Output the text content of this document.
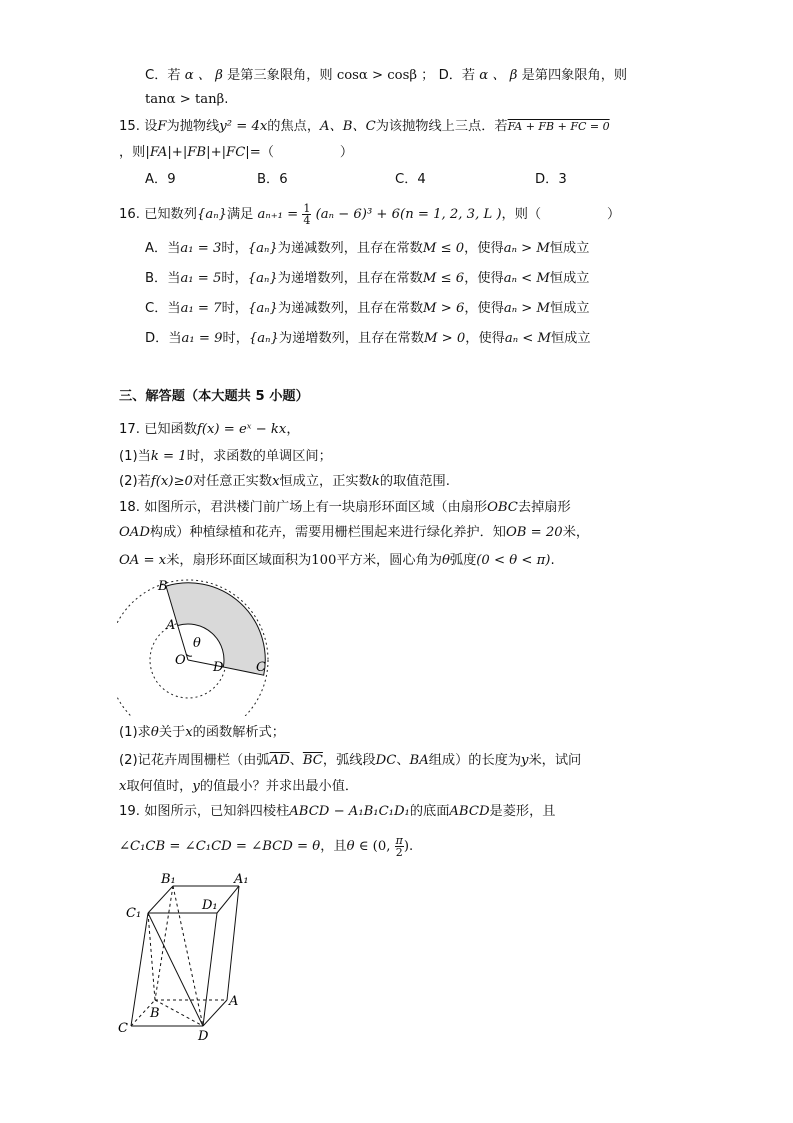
C．若 α 、 β 是第三象限角，则 cosα > cosβ ； D．若 α 、 β 是第四象限角，则
tanα > tanβ.
15. 设F为抛物线y² = 4x的焦点，A、B、C为该抛物线上三点．若FA + FB + FC = 0
，则|FA|+|FB|+|FC|=（　　　　　）
A．9	B．6	C．4	D．3
16. 已知数列{aₙ}满足 $a_{n+1} = \frac{1}{4} (a_n - 6)^3 + 6(n = 1$, 2, 3, L )，则（　　　　　）
A．当a₁ = 3时，{aₙ}为递减数列，且存在常数M ≤ 0，使得aₙ > M恒成立
B．当a₁ = 5时，{aₙ}为递增数列，且存在常数M ≤ 6，使得aₙ < M恒成立
C．当a₁ = 7时，{aₙ}为递减数列，且存在常数M > 6，使得aₙ > M恒成立
D．当a₁ = 9时，{aₙ}为递增数列，且存在常数M > 0，使得aₙ < M恒成立
三、解答题（本大题共 5 小题）
17. 已知函数f(x) = eˣ − kx，
(1)当k = 1时，求函数的单调区间；
(2)若f(x)≥0对任意正实数x恒成立，正实数k的取值范围.
18. 如图所示，君洪楼门前广场上有一块扇形环面区域（由扇形OBC去掉扇形
OAD构成）种植绿植和花卉，需要用栅栏围起来进行绿化养护．知OB = 20米，
OA = x米，扇形环面区域面积为100平方米，圆心角为θ弧度(0 < θ < π).
B
A
θ
O D	C
(1)求θ关于x的函数解析式；
(2)记花卉周围栅栏（由弧$\overline{AD}$、$\overline{BC}$，弧线段DC、BA组成）的长度为y米，试问
x取何值时，y的值最小？并求出最小值．
19. 如图所示，已知斜四棱柱ABCD − A₁B₁C₁D₁的底面ABCD是菱形，且
∠C₁CB = ∠C₁CD = ∠BCD = θ，且θ ∈ (0, $\frac{\pi}{2}$ ).
B₁	A₁
C₁
D₁
B
A
C
D
